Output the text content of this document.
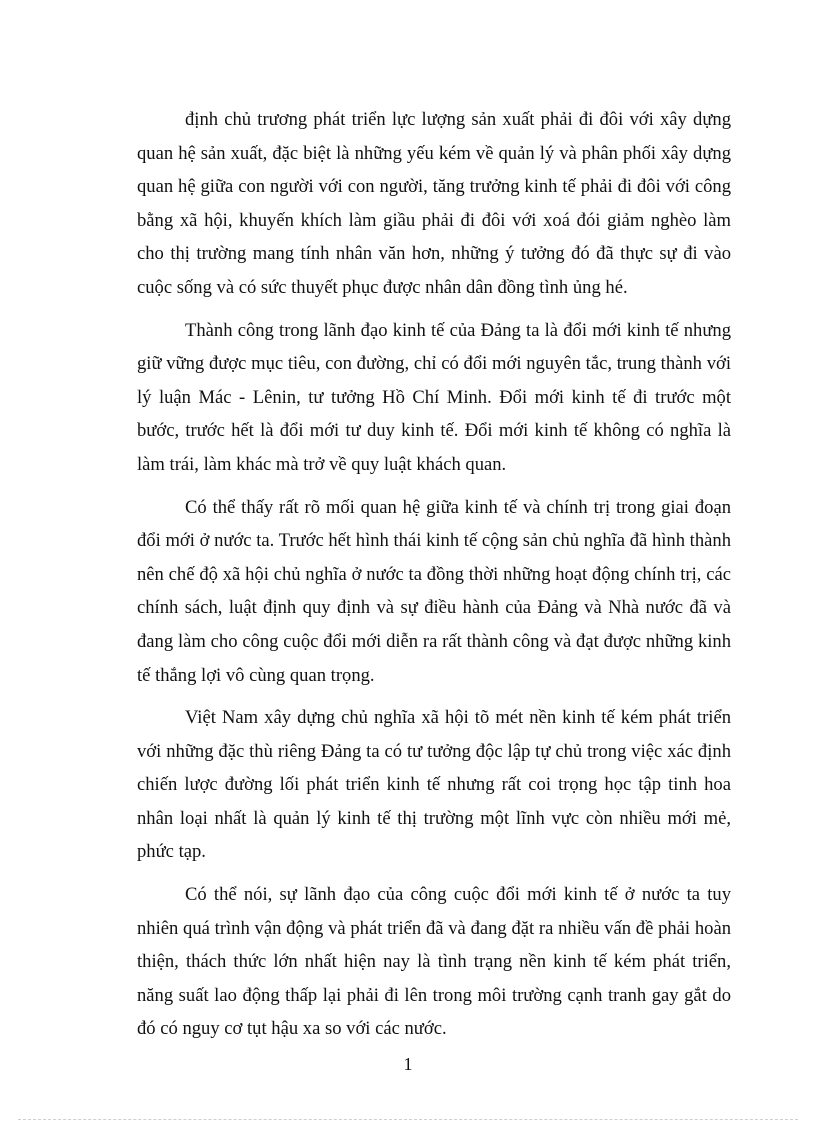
định chủ trương phát triển lực lượng sản xuất phải đi đôi với xây dựng quan hệ sản xuất, đặc biệt là những yếu kém về quản lý và phân phối xây dựng quan hệ giữa con người với con người, tăng trưởng kinh tế phải đi đôi với công bằng xã hội, khuyến khích làm giầu phải đi đôi với xoá đói giảm nghèo làm cho thị trường mang tính nhân văn hơn, những ý tưởng đó đã thực sự đi vào cuộc sống và có sức thuyết phục được nhân dân đồng tình ủng hé.

Thành công trong lãnh đạo kinh tế của Đảng ta là đổi mới kinh tế nhưng giữ vững được mục tiêu, con đường, chỉ có đổi mới nguyên tắc, trung thành với lý luận Mác - Lênin, tư tưởng Hồ Chí Minh. Đổi mới kinh tế đi trước một bước, trước hết là đổi mới tư duy kinh tế. Đổi mới kinh tế không có nghĩa là làm trái, làm khác mà trở về quy luật khách quan.

Có thể thấy rất rõ mối quan hệ giữa kinh tế và chính trị trong giai đoạn đổi mới ở nước ta. Trước hết hình thái kinh tế cộng sản chủ nghĩa đã hình thành nên chế độ xã hội chủ nghĩa ở nước ta đồng thời những hoạt động chính trị, các chính sách, luật định quy định và sự điều hành của Đảng và Nhà nước đã và đang làm cho công cuộc đổi mới diễn ra rất thành công và đạt được những kinh tế thắng lợi vô cùng quan trọng.

Việt Nam xây dựng chủ nghĩa xã hội tõ mét nền kinh tế kém phát triển với những đặc thù riêng Đảng ta có tư tưởng độc lập tự chủ trong việc xác định chiến lược đường lối phát triển kinh tế nhưng rất coi trọng học tập tinh hoa nhân loại nhất là quản lý kinh tế thị trường một lĩnh vực còn nhiều mới mẻ, phức tạp.

Có thể nói, sự lãnh đạo của công cuộc đổi mới kinh tế ở nước ta tuy nhiên quá trình vận động và phát triển đã và đang đặt ra nhiều vấn đề phải hoàn thiện, thách thức lớn nhất hiện nay là tình trạng nền kinh tế kém phát triển, năng suất lao động thấp lại phải đi lên trong môi trường cạnh tranh gay gắt do đó có nguy cơ tụt hậu xa so với các nước.

1
